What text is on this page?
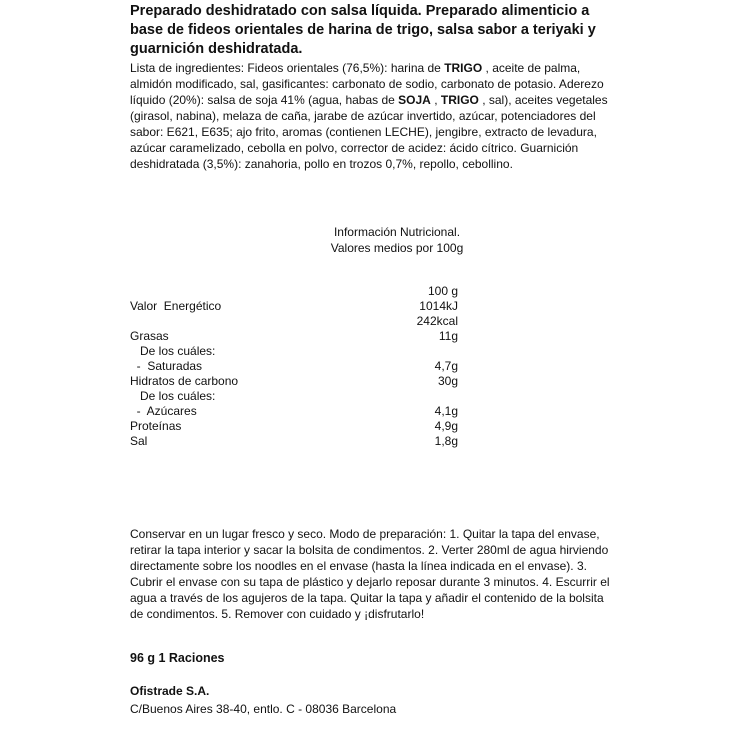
Preparado deshidratado con salsa líquida. Preparado alimenticio a base de fideos orientales de harina de trigo, salsa sabor a teriyaki y guarnición deshidratada.

Lista de ingredientes: Fideos orientales (76,5%): harina de TRIGO , aceite de palma, almidón modificado, sal, gasificantes: carbonato de sodio, carbonato de potasio. Aderezo líquido (20%): salsa de soja 41% (agua, habas de SOJA , TRIGO , sal), aceites vegetales (girasol, nabina), melaza de caña, jarabe de azúcar invertido, azúcar, potenciadores del sabor: E621, E635; ajo frito, aromas (contienen LECHE), jengibre, extracto de levadura, azúcar caramelizado, cebolla en polvo, corrector de acidez: ácido cítrico. Guarnición deshidratada (3,5%): zanahoria, pollo en trozos 0,7%, repollo, cebollino.

Información Nutricional.
Valores medios por 100g
100 g
Valor  Energético	1014kJ
242kcal
Grasas	11g
De los cuáles:
-  Saturadas	4,7g
Hidratos de carbono	30g
De los cuáles:
-  Azúcares	4,1g
Proteínas	4,9g
Sal	1,8g

Conservar en un lugar fresco y seco. Modo de preparación: 1. Quitar la tapa del envase, retirar la tapa interior y sacar la bolsita de condimentos. 2. Verter 280ml de agua hirviendo directamente sobre los noodles en el envase (hasta la línea indicada en el envase). 3. Cubrir el envase con su tapa de plástico y dejarlo reposar durante 3 minutos. 4. Escurrir el agua a través de los agujeros de la tapa. Quitar la tapa y añadir el contenido de la bolsita de condimentos. 5. Remover con cuidado y ¡disfrutarlo!

96 g 1 Raciones
Ofistrade S.A.
C/Buenos Aires 38-40, entlo. C - 08036 Barcelona
